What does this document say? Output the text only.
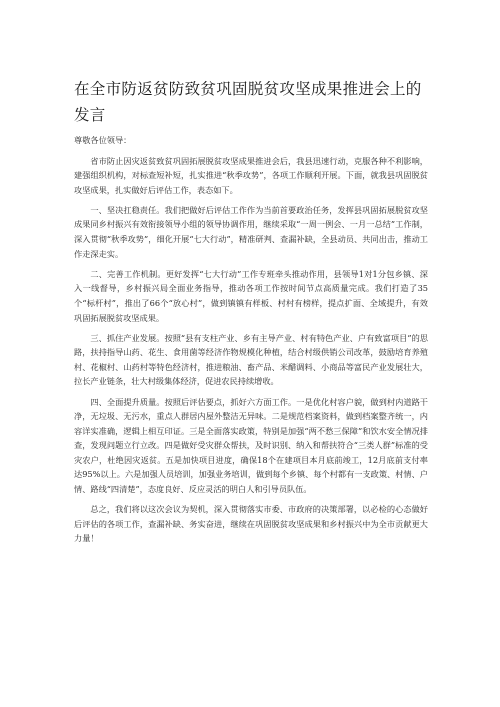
在全市防返贫防致贫巩固脱贫攻坚成果推进会上的发言

尊敬各位领导：

省市防止因灾返贫致贫巩固拓展脱贫攻坚成果推进会后，我县迅速行动，克服各种不利影响，建强组织机构，对标查短补短，扎实推进“秋季攻势”，各项工作顺利开展。下面，就我县巩固脱贫攻坚成果，扎实做好后评估工作，表态如下。

一、坚决扛稳责任。我们把做好后评估工作作为当前首要政治任务，发挥县巩固拓展脱贫攻坚成果同乡村振兴有效衔接领导小组的领导协调作用，继续采取“一周一例会、一月一总结”工作制，深入贯彻“秋季攻势”，细化开展“七大行动”，精准研判、查漏补缺，全县动员、共同出击，推动工作走深走实。

二、完善工作机制。更好发挥“七大行动”工作专班牵头推动作用，县领导1对1分包乡镇、深入一线督导，乡村振兴局全面业务指导，推动各项工作按时间节点高质量完成。我们打造了35个“标杆村”，推出了66个“放心村”，做到镇镇有样板、村村有榜样，提点扩面、全域提升，有效巩固拓展脱贫攻坚成果。

三、抓住产业发展。按照“县有支柱产业、乡有主导产业、村有特色产业、户有致富项目”的思路，扶持指导山药、花生、食用菌等经济作物规模化种植，结合村级供销公司改革，鼓励培育养殖村、花椒村、山药村等特色经济村，推进粮油、畜产品、米醋调料、小商品等富民产业发展壮大，拉长产业链条，壮大村级集体经济，促进农民持续增收。

四、全面提升质量。按照后评估要点，抓好六方面工作。一是优化村容户貌，做到村内道路干净，无垃圾、无污水，重点人群居内屋外整洁无异味。二是规范档案资料，做到档案整齐统一，内容详实准确，逻辑上相互印证。三是全面落实政策，特别是加强“两不愁三保障”和饮水安全情况排查，发现问题立行立改。四是做好受灾群众帮扶，及时识别、纳入和帮扶符合“三类人群”标准的受灾农户，杜绝因灾返贫。五是加快项目进度，确保18个在建项目本月底前竣工，12月底前支付率达95%以上。六是加强人员培训，加强业务培训，做到每个乡镇、每个村都有一支政策、村情、户情、路线“四清楚”，态度良好、反应灵活的明白人和引导员队伍。

总之，我们将以这次会议为契机，深入贯彻落实市委、市政府的决策部署，以必检的心态做好后评估的各项工作，查漏补缺、务实奋进，继续在巩固脱贫攻坚成果和乡村振兴中为全市贡献更大力量！
